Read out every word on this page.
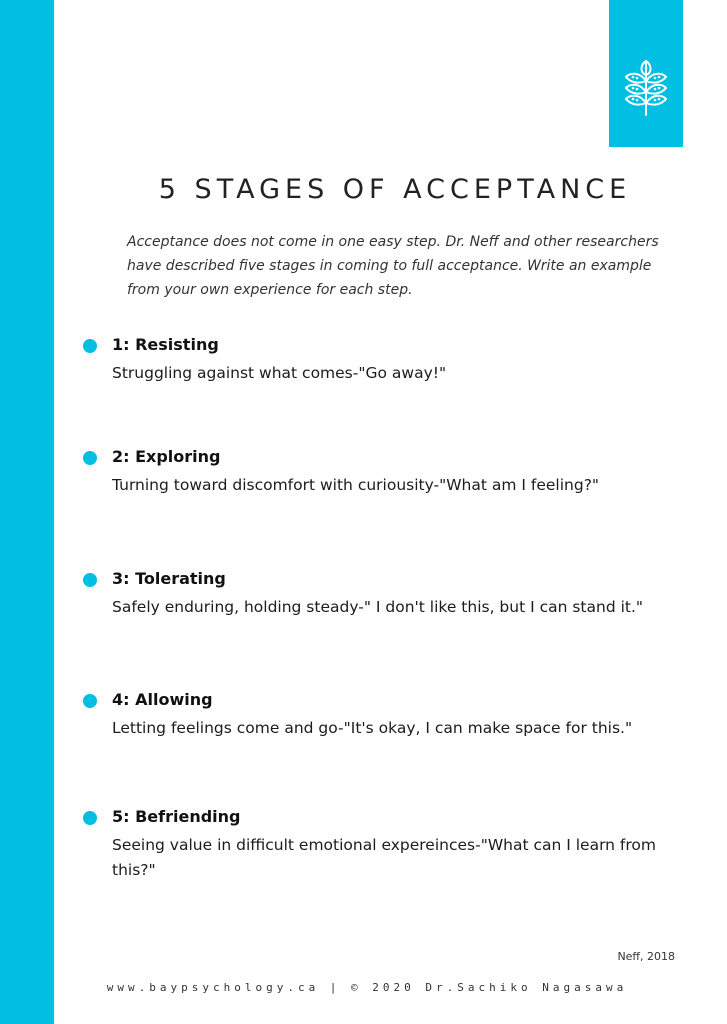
5 STAGES OF ACCEPTANCE
Acceptance does not come in one easy step. Dr. Neff and other researchers have described five stages in coming to full acceptance. Write an example from your own experience for each step.
1: Resisting
Struggling against what comes-"Go away!"
2: Exploring
Turning toward discomfort with curiousity-"What am I feeling?"
3: Tolerating
Safely enduring, holding steady-" I don't like this, but I can stand it."
4: Allowing
Letting feelings come and go-"It's okay, I can make space for this."
5: Befriending
Seeing value in difficult emotional expereinces-"What can I learn from this?"
Neff, 2018
www.baypsychology.ca | © 2020 Dr.Sachiko Nagasawa
